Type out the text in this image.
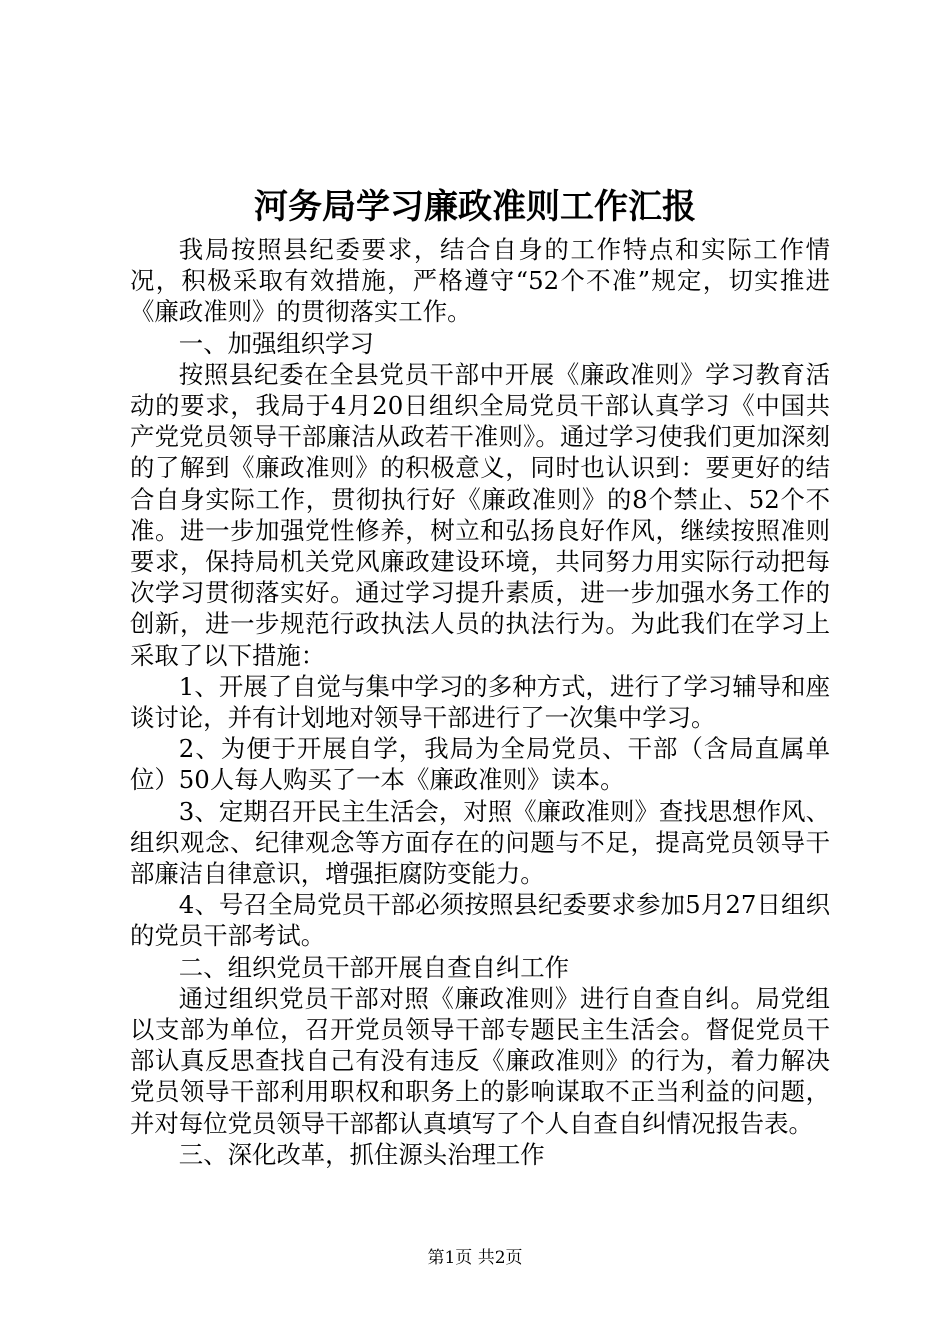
河务局学习廉政准则工作汇报

我局按照县纪委要求，结合自身的工作特点和实际工作情况，积极采取有效措施，严格遵守“52个不准”规定，切实推进《廉政准则》的贯彻落实工作。

一、加强组织学习

按照县纪委在全县党员干部中开展《廉政准则》学习教育活动的要求，我局于4月20日组织全局党员干部认真学习《中国共产党党员领导干部廉洁从政若干准则》。通过学习使我们更加深刻的了解到《廉政准则》的积极意义，同时也认识到：要更好的结合自身实际工作，贯彻执行好《廉政准则》的8个禁止、52个不准。进一步加强党性修养，树立和弘扬良好作风，继续按照准则要求，保持局机关党风廉政建设环境，共同努力用实际行动把每次学习贯彻落实好。通过学习提升素质，进一步加强水务工作的创新，进一步规范行政执法人员的执法行为。为此我们在学习上采取了以下措施：

1、开展了自觉与集中学习的多种方式，进行了学习辅导和座谈讨论，并有计划地对领导干部进行了一次集中学习。

2、为便于开展自学，我局为全局党员、干部（含局直属单位）50人每人购买了一本《廉政准则》读本。

3、定期召开民主生活会，对照《廉政准则》查找思想作风、组织观念、纪律观念等方面存在的问题与不足，提高党员领导干部廉洁自律意识，增强拒腐防变能力。

4、号召全局党员干部必须按照县纪委要求参加5月27日组织的党员干部考试。

二、组织党员干部开展自查自纠工作

通过组织党员干部对照《廉政准则》进行自查自纠。局党组以支部为单位，召开党员领导干部专题民主生活会。督促党员干部认真反思查找自己有没有违反《廉政准则》的行为，着力解决党员领导干部利用职权和职务上的影响谋取不正当利益的问题，并对每位党员领导干部都认真填写了个人自查自纠情况报告表。

三、深化改革，抓住源头治理工作

第1页 共2页
